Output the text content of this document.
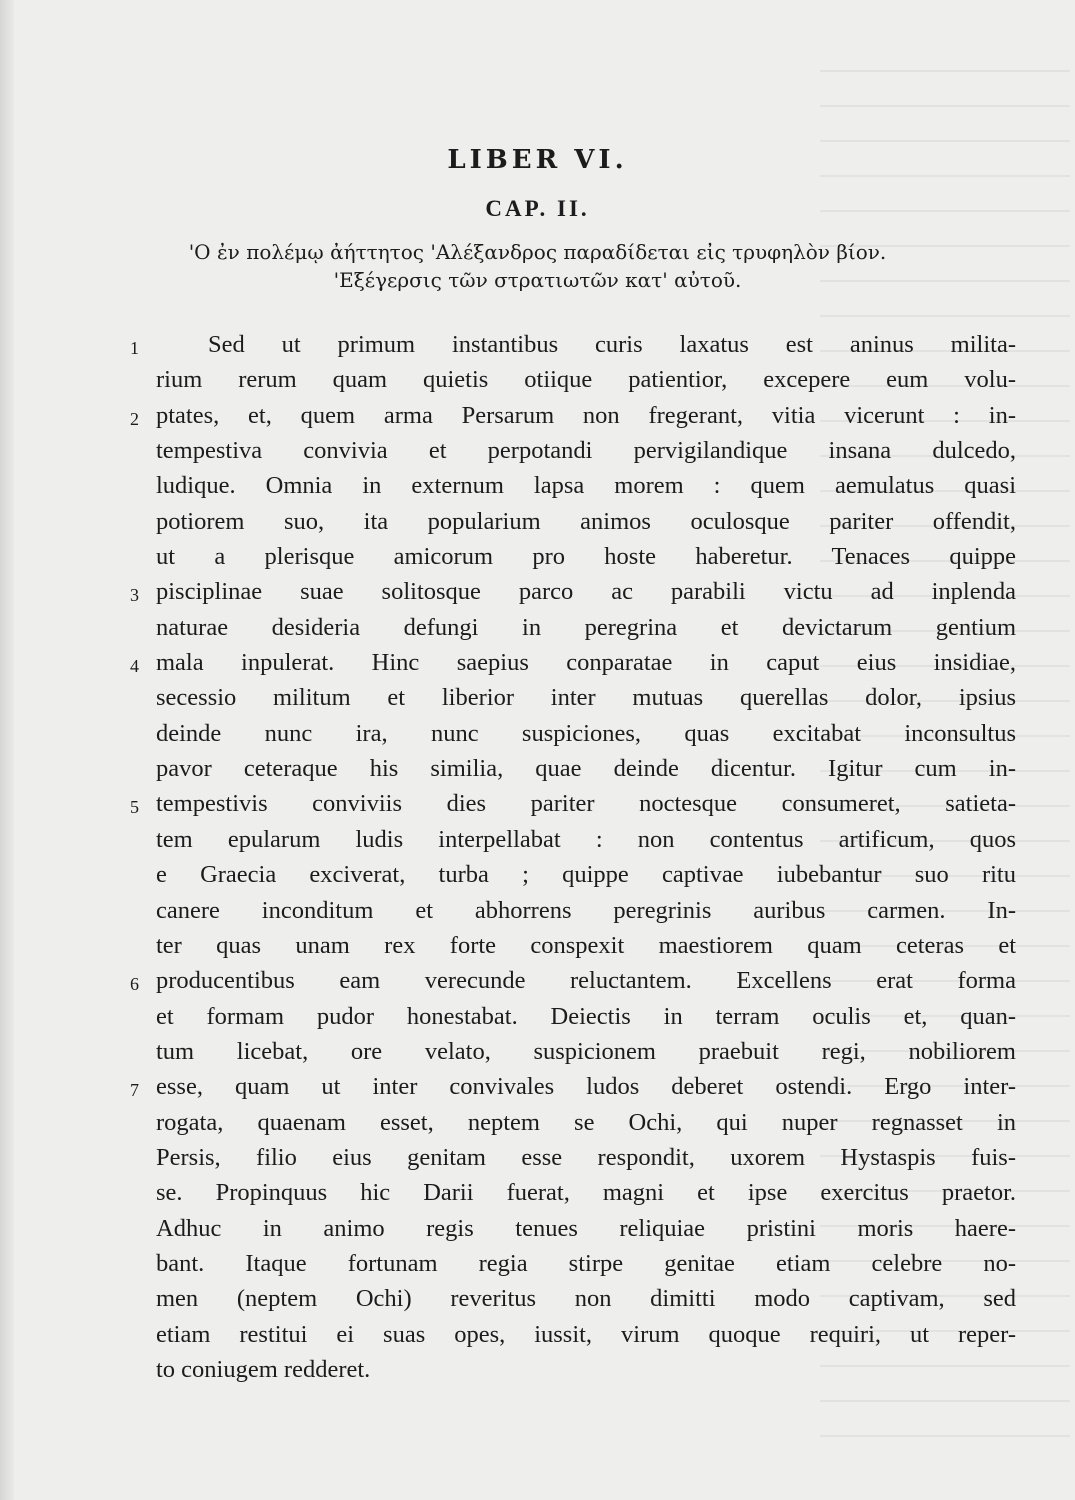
LIBER VI.
CAP. II.

'Ο ἐν πολέμῳ ἀήττητος 'Αλέξανδρος παραδίδεται εἰς τρυφηλὸν βίον.

'Εξέγερσις τῶν στρατιωτῶν κατ' αὐτοῦ.

1	Sed ut primum instantibus curis laxatus est aninus milita-
rium rerum quam quietis otiique patientior, excepere eum volu-
2 ptates, et, quem arma Persarum non fregerant, vitia vicerunt : in-
tempestiva convivia et perpotandi pervigilandique insana dulcedo,
ludique. Omnia in externum lapsa morem : quem aemulatus quasi
potiorem suo, ita popularium animos oculosque pariter offendit,
ut a plerisque amicorum pro hoste haberetur. Tenaces quippe
3 pisciplinae suae solitosque parco ac parabili victu ad inplenda
naturae desideria defungi in peregrina et devictarum gentium
4 mala inpulerat. Hinc saepius conparatae in caput eius insidiae,
secessio militum et liberior inter mutuas querellas dolor, ipsius
deinde nunc ira, nunc suspiciones, quas excitabat inconsultus
pavor ceteraque his similia, quae deinde dicentur. Igitur cum in-
5 tempestivis conviviis dies pariter noctesque consumeret, satieta-
tem epularum ludis interpellabat : non contentus artificum, quos
e Graecia exciverat, turba ; quippe captivae iubebantur suo ritu
canere inconditum et abhorrens peregrinis auribus carmen. In-
ter quas unam rex forte conspexit maestiorem quam ceteras et
6 producentibus eam verecunde reluctantem. Excellens erat forma
et formam pudor honestabat. Deiectis in terram oculis et, quan-
tum licebat, ore velato, suspicionem praebuit regi, nobiliorem
7 esse, quam ut inter convivales ludos deberet ostendi. Ergo inter-
rogata, quaenam esset, neptem se Ochi, qui nuper regnasset in
Persis, filio eius genitam esse respondit, uxorem Hystaspis fuis-
se. Propinquus hic Darii fuerat, magni et ipse exercitus praetor.
Adhuc in animo regis tenues reliquiae pristini moris haere-
bant. Itaque fortunam regia stirpe genitae etiam celebre no-
men (neptem Ochi) reveritus non dimitti modo captivam, sed
etiam restitui ei suas opes, iussit, virum quoque requiri, ut reper-
to coniugem redderet.
